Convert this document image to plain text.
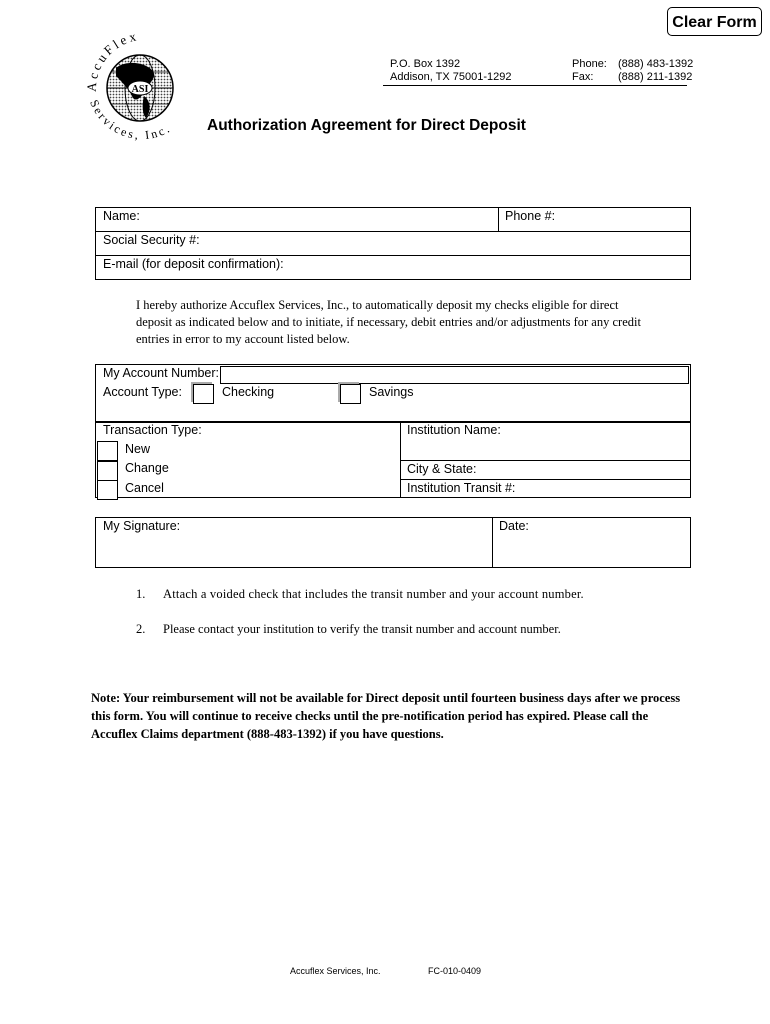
Clear Form
ASI
AccuFlex
Services, Inc.
P.O. Box 1392
Addison, TX 75001-1292
Phone: (888) 483-1392
Fax: (888) 211-1392
Authorization Agreement for Direct Deposit
Name:	Phone #:
Social Security #:
E-mail (for deposit confirmation):
I hereby authorize Accuflex Services, Inc., to automatically deposit my checks eligible for direct deposit as indicated below and to initiate, if necessary, debit entries and/or adjustments for any credit entries in error to my account listed below.
My Account Number:
Account Type:	Checking	Savings
Transaction Type:
New
Change
Cancel
Institution Name:
City & State:
Institution Transit #:
My Signature:	Date:
1. Attach a voided check that includes the transit number and your account number.
2. Please contact your institution to verify the transit number and account number.
Note: Your reimbursement will not be available for Direct deposit until fourteen business days after we process this form. You will continue to receive checks until the pre-notification period has expired. Please call the Accuflex Claims department (888-483-1392) if you have questions.
Accuflex Services, Inc.	FC-010-0409
